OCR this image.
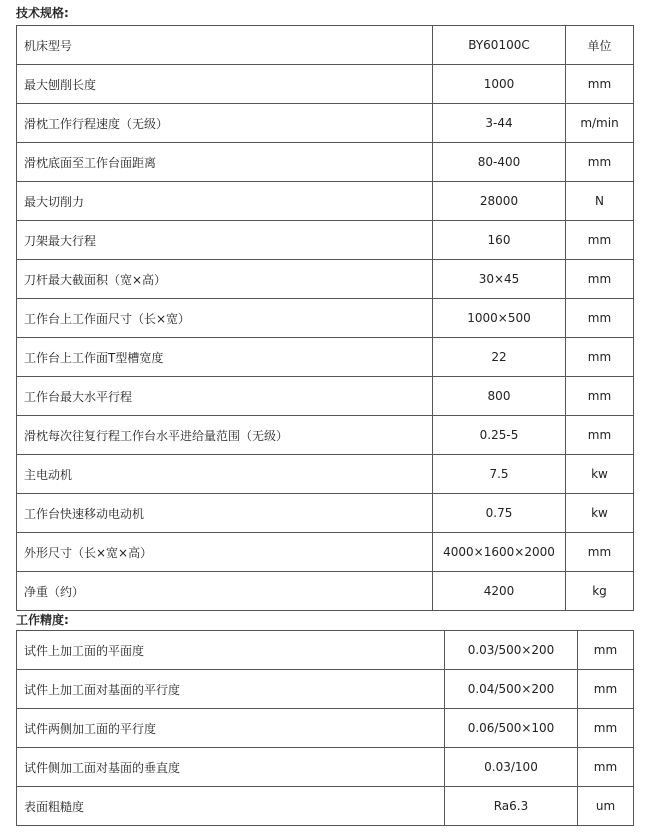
技术规格:
机床型号	BY60100C	单位
最大刨削长度	1000	mm
滑枕工作行程速度（无级）	3-44	m/min
滑枕底面至工作台面距离	80-400	mm
最大切削力	28000	N
刀架最大行程	160	mm
刀杆最大截面积（宽×高）	30×45	mm
工作台上工作面尺寸（长×宽）	1000×500	mm
工作台上工作面T型槽宽度	22	mm
工作台最大水平行程	800	mm
滑枕每次往复行程工作台水平进给量范围（无级）	0.25-5	mm
主电动机	7.5	kw
工作台快速移动电动机	0.75	kw
外形尺寸（长×宽×高）	4000×1600×2000	mm
净重（约）	4200	kg
工作精度:
试件上加工面的平面度	0.03/500×200	mm
试件上加工面对基面的平行度	0.04/500×200	mm
试件两侧加工面的平行度	0.06/500×100	mm
试件侧加工面对基面的垂直度	0.03/100	mm
表面粗糙度	Ra6.3	um
